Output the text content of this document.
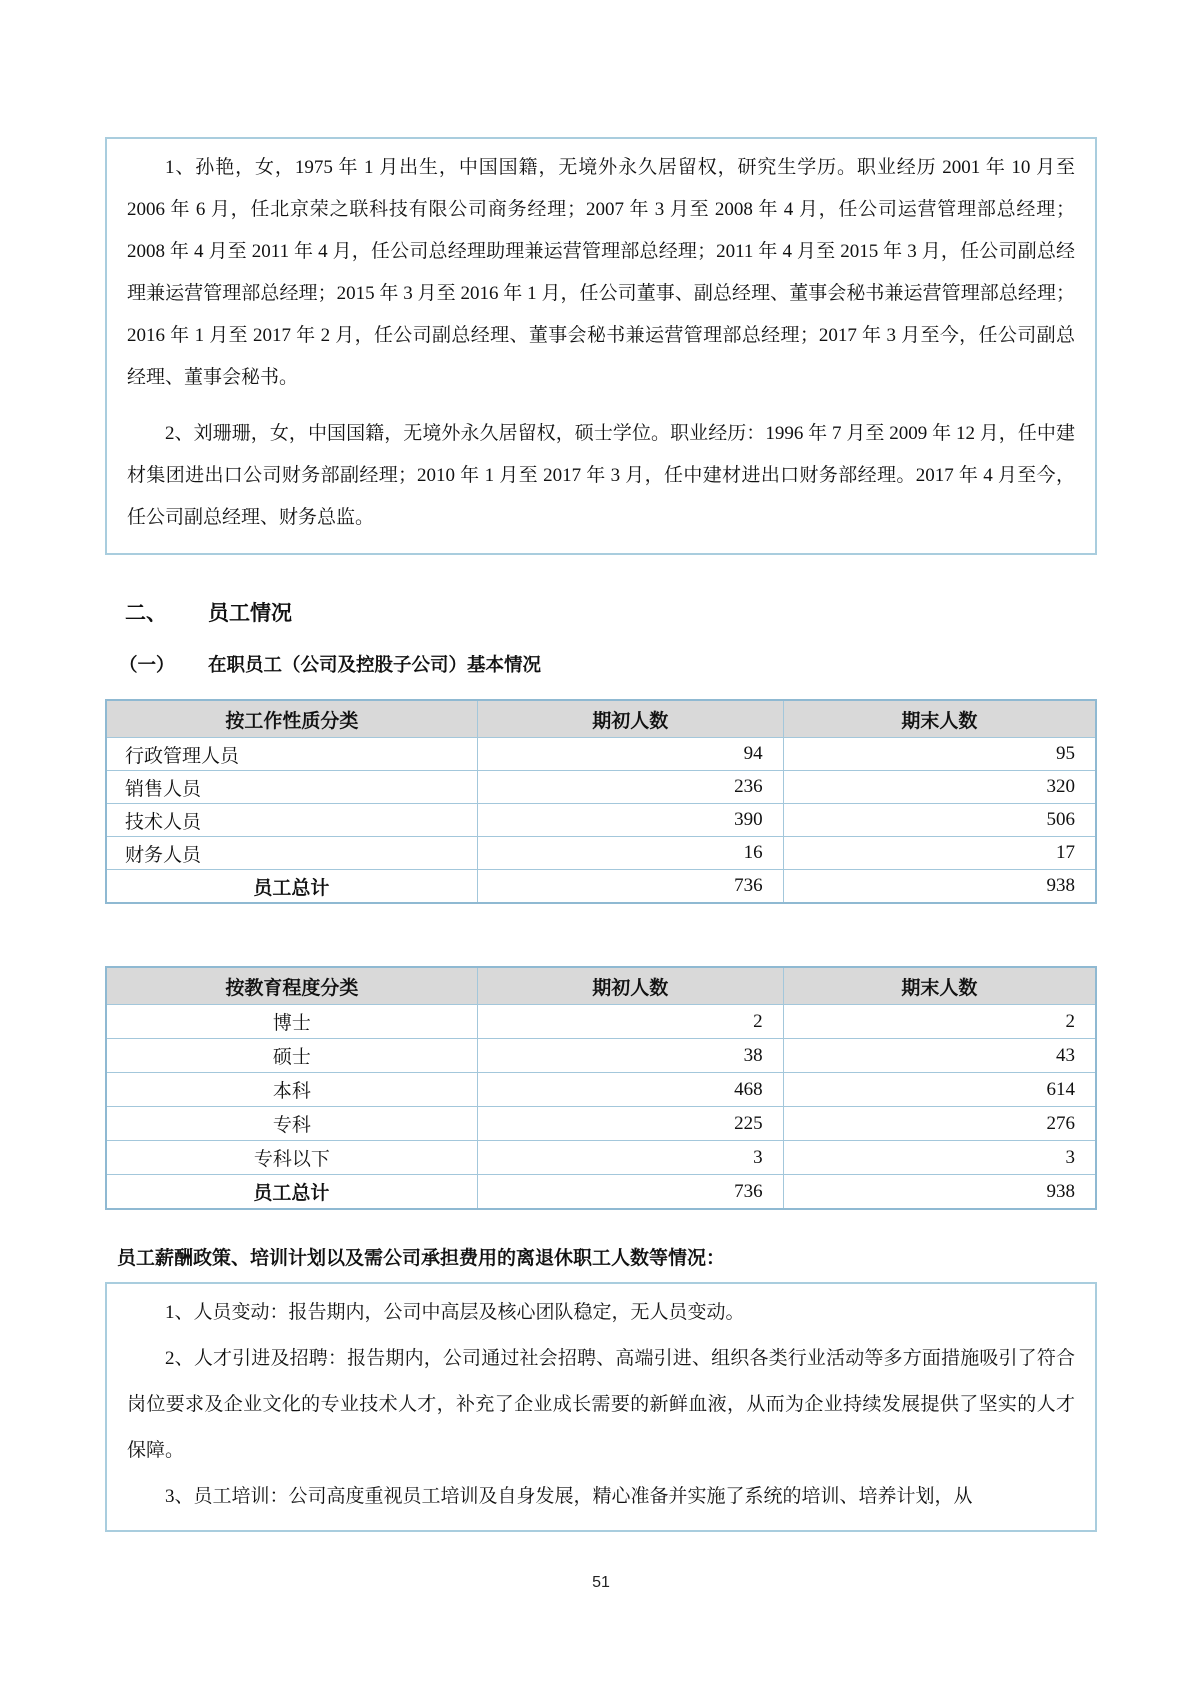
1、孙艳，女，1975 年 1 月出生，中国国籍，无境外永久居留权，研究生学历。职业经历 2001 年 10 月至 2006 年 6 月，任北京荣之联科技有限公司商务经理；2007 年 3 月至 2008 年 4 月，任公司运营管理部总经理；2008 年 4 月至 2011 年 4 月，任公司总经理助理兼运营管理部总经理；2011 年 4 月至 2015 年 3 月，任公司副总经理兼运营管理部总经理；2015 年 3 月至 2016 年 1 月，任公司董事、副总经理、董事会秘书兼运营管理部总经理；2016 年 1 月至 2017 年 2 月，任公司副总经理、董事会秘书兼运营管理部总经理；2017 年 3 月至今，任公司副总经理、董事会秘书。

2、刘珊珊，女，中国国籍，无境外永久居留权，硕士学位。职业经历：1996 年 7 月至 2009 年 12 月，任中建材集团进出口公司财务部副经理；2010 年 1 月至 2017 年 3 月，任中建材进出口财务部经理。2017 年 4 月至今，任公司副总经理、财务总监。

二、	员工情况
（一）	在职员工（公司及控股子公司）基本情况
按工作性质分类	期初人数	期末人数
行政管理人员	94	95
销售人员	236	320
技术人员	390	506
财务人员	16	17
员工总计	736	938
按教育程度分类	期初人数	期末人数
博士	2	2
硕士	38	43
本科	468	614
专科	225	276
专科以下	3	3
员工总计	736	938

员工薪酬政策、培训计划以及需公司承担费用的离退休职工人数等情况：

1、人员变动：报告期内，公司中高层及核心团队稳定，无人员变动。

2、人才引进及招聘：报告期内，公司通过社会招聘、高端引进、组织各类行业活动等多方面措施吸引了符合岗位要求及企业文化的专业技术人才，补充了企业成长需要的新鲜血液，从而为企业持续发展提供了坚实的人才保障。

3、员工培训：公司高度重视员工培训及自身发展，精心准备并实施了系统的培训、培养计划，从

51
